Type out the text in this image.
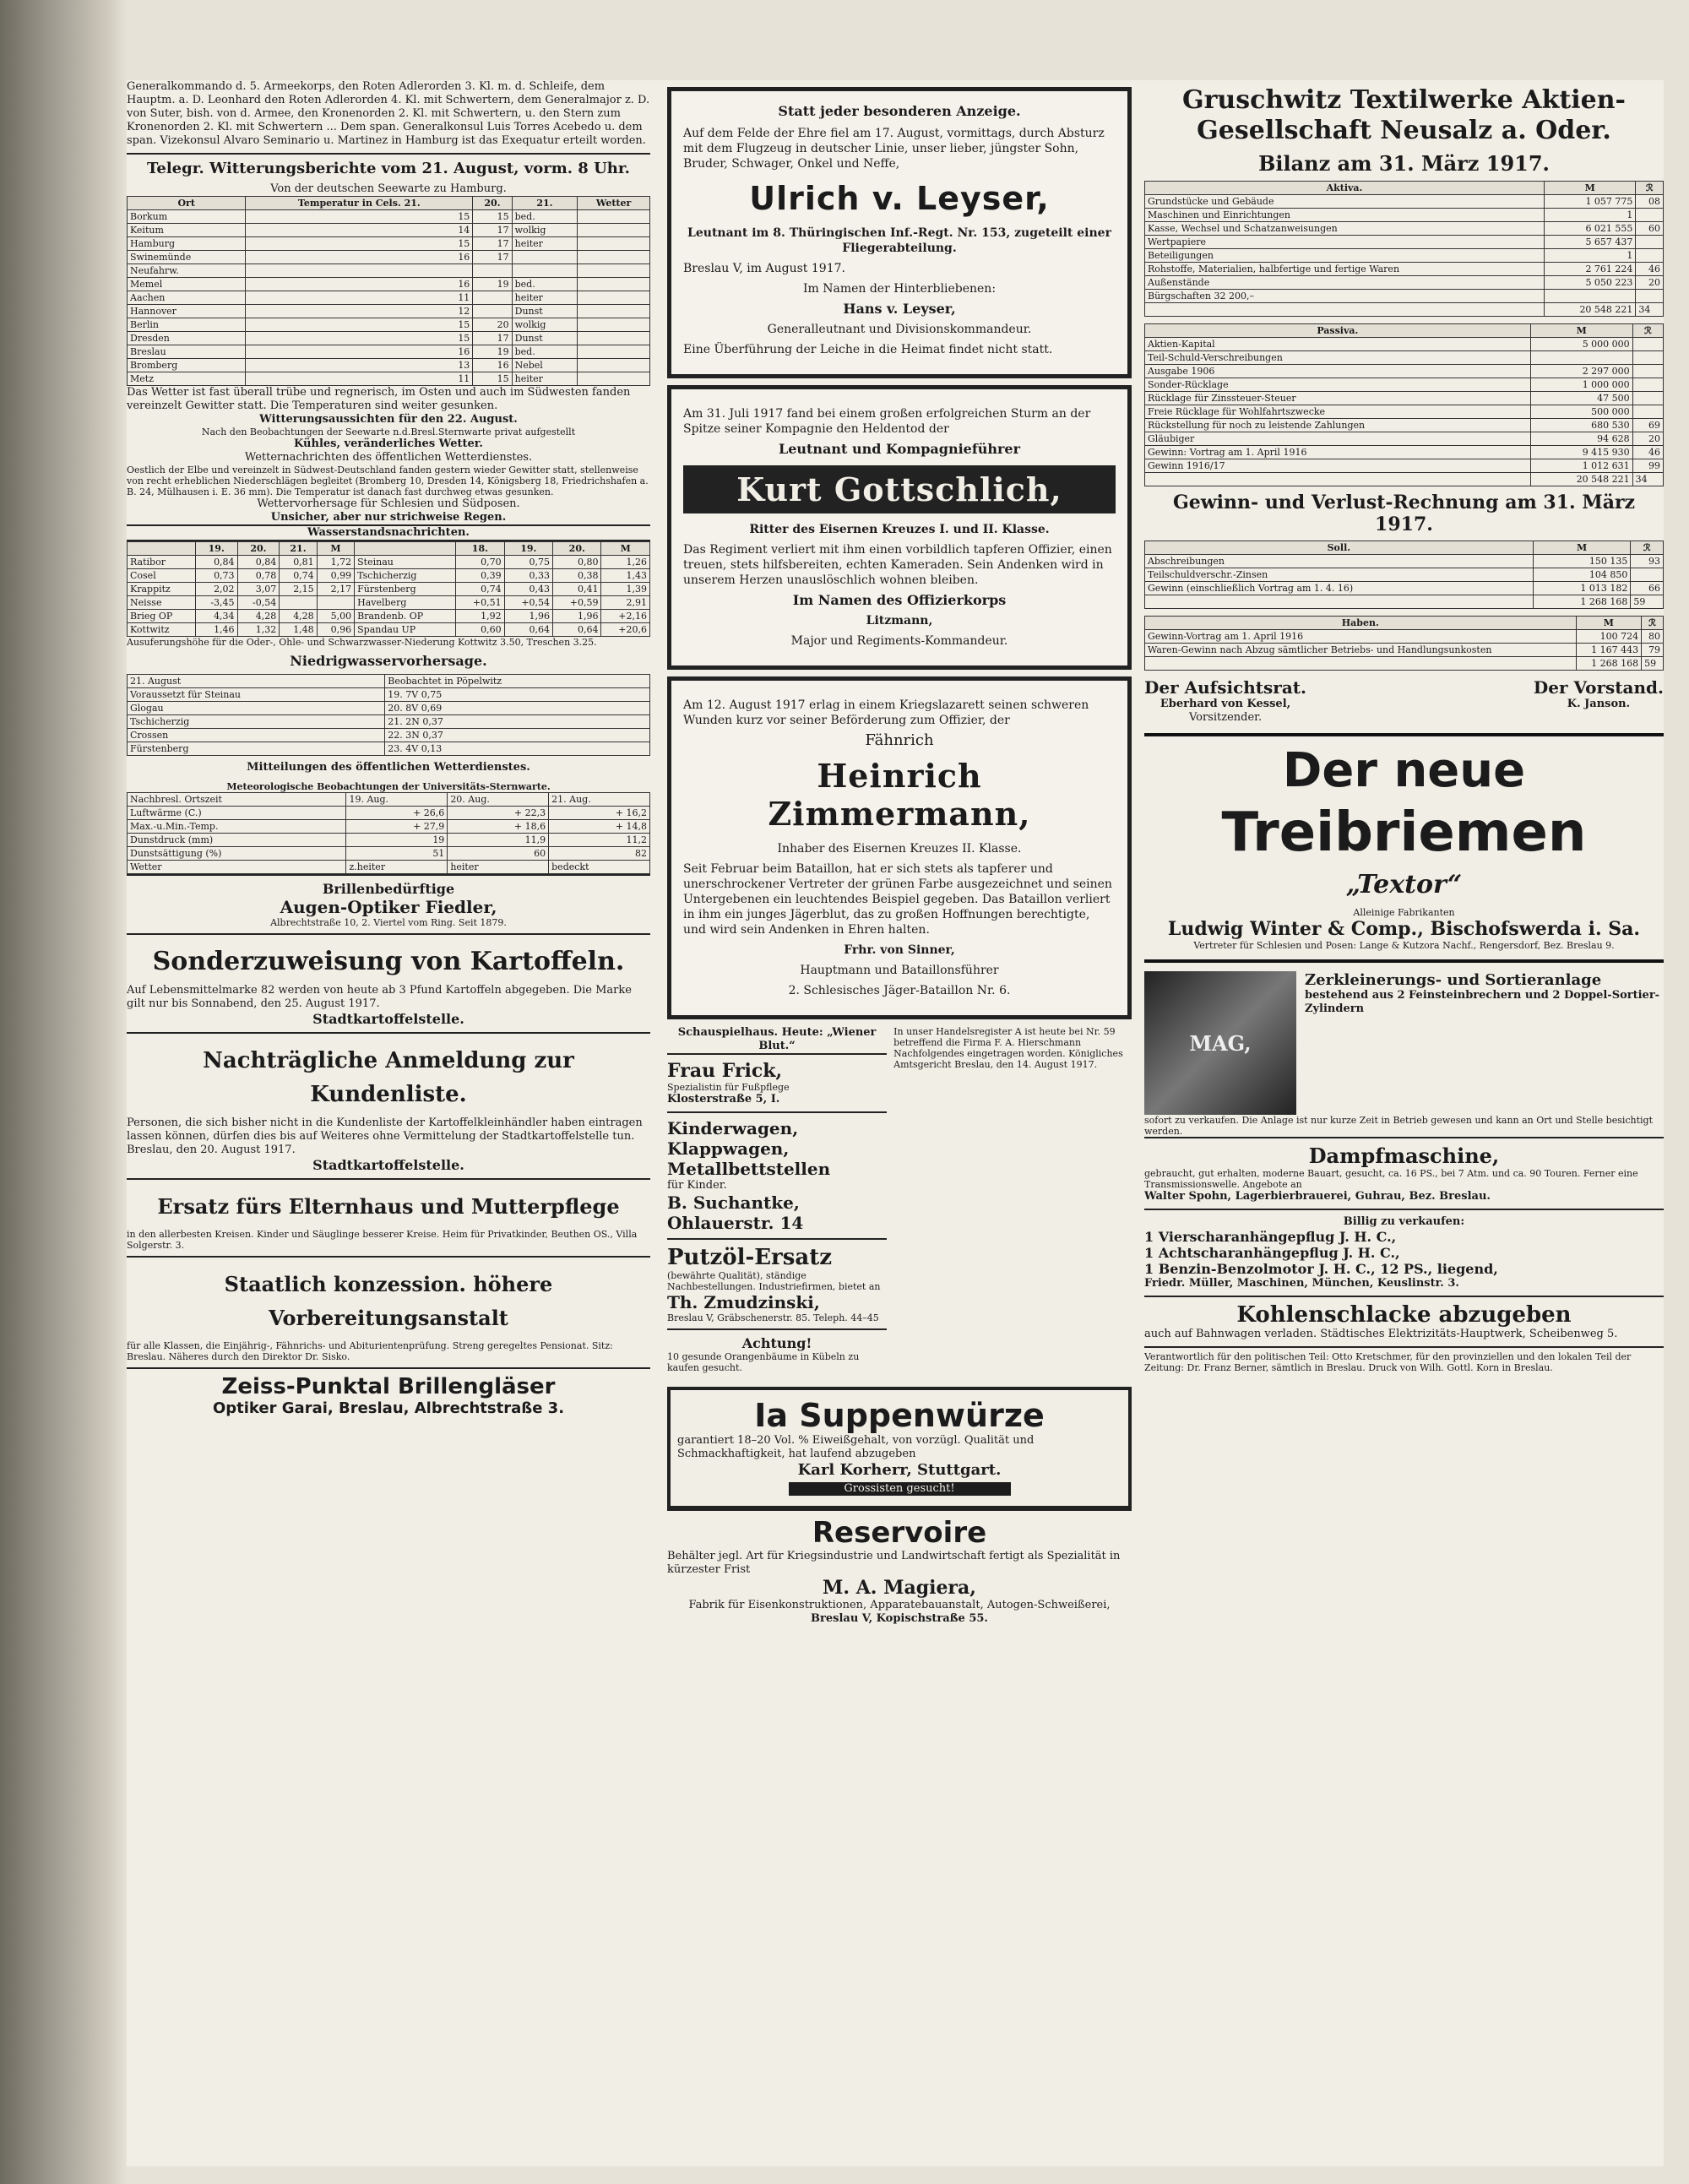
Generalkommando d. 5. Armeekorps, den Roten Adlerorden 3. Kl. m. d. Schleife, dem Hauptm. a. D. Leonhard den Roten Adlerorden 4. Kl. mit Schwertern, dem Generalmajor z. D. von Suter, bish. von d. Armee, den Kronenorden 2. Kl. mit Schwertern, u. den Stern zum Kronenorden 2. Kl. mit Schwertern ... Dem span. Generalkonsul Luis Torres Acebedo u. dem span. Vizekonsul Alvaro Seminario u. Martinez in Hamburg ist das Exequatur erteilt worden.
Telegr. Witterungsberichte vom 21. August, vorm. 8 Uhr.
Von der deutschen Seewarte zu Hamburg.
Ort	Temperatur in Cels. 21.	20.	21.	Wetter
Borkum	15	15	bed.	
Keitum	14	17	wolkig	
Hamburg	15	17	heiter	
Swinemünde	16	17		
Neufahrw.				
Memel	16	19	bed.	
Aachen	11		heiter	
Hannover	12		Dunst	
Berlin	15	20	wolkig	
Dresden	15	17	Dunst	
Breslau	16	19	bed.	
Bromberg	13	16	Nebel	
Metz	11	15	heiter	
Das Wetter ist fast überall trübe und regnerisch, im Osten und auch im Südwesten fanden vereinzelt Gewitter statt. Die Temperaturen sind weiter gesunken.
Witterungsaussichten für den 22. August.
Nach den Beobachtungen der Seewarte n.d.Bresl.Sternwarte privat aufgestellt
Kühles, veränderliches Wetter.
Wetternachrichten des öffentlichen Wetterdienstes.
Oestlich der Elbe und vereinzelt in Südwest-Deutschland fanden gestern wieder Gewitter statt, stellenweise von recht erheblichen Niederschlägen begleitet (Bromberg 10, Dresden 14, Königsberg 18, Friedrichshafen a. B. 24, Mülhausen i. E. 36 mm). Die Temperatur ist danach fast durchweg etwas gesunken.
Wettervorhersage für Schlesien und Südposen.
Unsicher, aber nur strichweise Regen.
Wasserstandsnachrichten.
	19.	20.	21.	M		18.	19.	20.	M
Ratibor	0,84	0,84	0,81	1,72	Steinau	0,70	0,75	0,80	1,26
Cosel	0,73	0,78	0,74	0,99	Tschicherzig	0,39	0,33	0,38	1,43
Krappitz	2,02	3,07	2,15	2,17	Fürstenberg	0,74	0,43	0,41	1,39
Neisse	-3,45	-0,54			Havelberg	+0,51	+0,54	+0,59	2,91
Brieg OP	4,34	4,28	4,28	5,00	Brandenb. OP	1,92	1,96	1,96	+2,16
Kottwitz	1,46	1,32	1,48	0,96	Spandau UP	0,60	0,64	0,64	+20,6
Ausuferungshöhe für die Oder-, Ohle- und Schwarzwasser-Niederung Kottwitz 3.50, Treschen 3.25.
Niedrigwasservorhersage.
21. August	Beobachtet in Pöpelwitz
Voraussetzt für Steinau	19. 7V 0,75
Glogau	20. 8V 0,69
Tschicherzig	21. 2N 0,37
Crossen	22. 3N 0,37
Fürstenberg	23. 4V 0,13
Mitteilungen des öffentlichen Wetterdienstes.
Meteorologische Beobachtungen der Universitäts-Sternwarte.
Nachbresl. Ortszeit	19. Aug.	20. Aug.	21. Aug.
Luftwärme (C.)	+ 26,6	+ 22,3	+ 16,2
Max.-u.Min.-Temp.	+ 27,9	+ 18,6	+ 14,8
Dunstdruck (mm)	19	11,9	11,2
Dunstsättigung (%)	51	60	82
Wetter	z.heiter	heiter	bedeckt
Brillenbedürftige
Augen-Optiker Fiedler,
Albrechtstraße 10, 2. Viertel vom Ring. Seit 1879.
Sonderzuweisung von Kartoffeln.
Auf Lebensmittelmarke 82 werden von heute ab 3 Pfund Kartoffeln abgegeben. Die Marke gilt nur bis Sonnabend, den 25. August 1917.
Stadtkartoffelstelle.
Nachträgliche Anmeldung zur Kundenliste.
Personen, die sich bisher nicht in die Kundenliste der Kartoffelkleinhändler haben eintragen lassen können, dürfen dies bis auf Weiteres ohne Vermittelung der Stadtkartoffelstelle tun.
Breslau, den 20. August 1917.
Stadtkartoffelstelle.
Ersatz fürs Elternhaus und Mutterpflege
in den allerbesten Kreisen. Kinder und Säuglinge besserer Kreise. Heim für Privatkinder, Beuthen OS., Villa Solgerstr. 3.
Staatlich konzession. höhere Vorbereitungsanstalt
für alle Klassen, die Einjährig-, Fähnrichs- und Abiturientenprüfung. Streng geregeltes Pensionat. Sitz: Breslau. Näheres durch den Direktor Dr. Sisko.
Zeiss-Punktal Brillengläser
Optiker Garai, Breslau, Albrechtstraße 3.
Statt jeder besonderen Anzeige.
Auf dem Felde der Ehre fiel am 17. August, vormittags, durch Absturz mit dem Flugzeug in deutscher Linie, unser lieber, jüngster Sohn, Bruder, Schwager, Onkel und Neffe,
Ulrich v. Leyser,
Leutnant im 8. Thüringischen Inf.-Regt. Nr. 153, zugeteilt einer Fliegerabteilung.
Breslau V, im August 1917.
Im Namen der Hinterbliebenen:
Hans v. Leyser,
Generalleutnant und Divisionskommandeur.
Eine Überführung der Leiche in die Heimat findet nicht statt.
Am 31. Juli 1917 fand bei einem großen erfolgreichen Sturm an der Spitze seiner Kompagnie den Heldentod der
Leutnant und Kompagnieführer
Kurt Gottschlich,
Ritter des Eisernen Kreuzes I. und II. Klasse.
Das Regiment verliert mit ihm einen vorbildlich tapferen Offizier, einen treuen, stets hilfsbereiten, echten Kameraden. Sein Andenken wird in unserem Herzen unauslöschlich wohnen bleiben.
Im Namen des Offizierkorps
Litzmann,
Major und Regiments-Kommandeur.
Am 12. August 1917 erlag in einem Kriegslazarett seinen schweren Wunden kurz vor seiner Beförderung zum Offizier, der
Fähnrich
Heinrich Zimmermann,
Inhaber des Eisernen Kreuzes II. Klasse.
Seit Februar beim Bataillon, hat er sich stets als tapferer und unerschrockener Vertreter der grünen Farbe ausgezeichnet und seinen Untergebenen ein leuchtendes Beispiel gegeben. Das Bataillon verliert in ihm ein junges Jägerblut, das zu großen Hoffnungen berechtigte, und wird sein Andenken in Ehren halten.
Frhr. von Sinner,
Hauptmann und Bataillonsführer
2. Schlesisches Jäger-Bataillon Nr. 6.
Schauspielhaus. Heute: „Wiener Blut.“
Frau Frick,
Spezialistin für Fußpflege
Klosterstraße 5, I.
Kinderwagen, Klappwagen, Metallbettstellen
für Kinder.
B. Suchantke, Ohlauerstr. 14
Putzöl-Ersatz
(bewährte Qualität), ständige Nachbestellungen. Industriefirmen, bietet an
Th. Zmudzinski,
Breslau V, Gräbschenerstr. 85. Teleph. 44–45
Achtung!
10 gesunde Orangenbäume in Kübeln zu kaufen gesucht.
In unser Handelsregister A ist heute bei Nr. 59 betreffend die Firma F. A. Hierschmann Nachfolgendes eingetragen worden. Königliches Amtsgericht Breslau, den 14. August 1917.
Ia Suppenwürze
garantiert 18–20 Vol. % Eiweißgehalt, von vorzügl. Qualität und Schmackhaftigkeit, hat laufend abzugeben
Karl Korherr, Stuttgart.
Grossisten gesucht!
Reservoire
Behälter jegl. Art für Kriegsindustrie und Landwirtschaft fertigt als Spezialität in kürzester Frist
M. A. Magiera,
Fabrik für Eisenkonstruktionen, Apparatebauanstalt, Autogen-Schweißerei,
Breslau V, Kopischstraße 55.
Gruschwitz Textilwerke Aktien-Gesellschaft Neusalz a. Oder.
Bilanz am 31. März 1917.
Aktiva.	M	ℛ
Grundstücke und Gebäude	1 057 775	08
Maschinen und Einrichtungen	1	
Kasse, Wechsel und Schatzanweisungen	6 021 555	60
Wertpapiere	5 657 437	
Beteiligungen	1	
Rohstoffe, Materialien, halbfertige und fertige Waren	2 761 224	46
Außenstände	5 050 223	20
Bürgschaften 32 200,–		
	20 548 221	34
Passiva.	M	ℛ
Aktien-Kapital	5 000 000	
Teil-Schuld-Verschreibungen		
Ausgabe 1906	2 297 000	
Sonder-Rücklage	1 000 000	
Rücklage für Zinssteuer-Steuer	47 500	
Freie Rücklage für Wohlfahrtszwecke	500 000	
Rückstellung für noch zu leistende Zahlungen	680 530	69
Gläubiger	94 628	20
Gewinn: Vortrag am 1. April 1916	9 415 930	46
Gewinn 1916/17	1 012 631	99
	20 548 221	34
Gewinn- und Verlust-Rechnung am 31. März 1917.
Soll.	M	ℛ
Abschreibungen	150 135	93
Teilschuldverschr.-Zinsen	104 850	
Gewinn (einschließlich Vortrag am 1. 4. 16)	1 013 182	66
	1 268 168	59
Haben.	M	ℛ
Gewinn-Vortrag am 1. April 1916	100 724	80
Waren-Gewinn nach Abzug sämtlicher Betriebs- und Handlungsunkosten	1 167 443	79
	1 268 168	59
Der Aufsichtsrat.
Eberhard von Kessel,
Vorsitzender.
Der Vorstand.
K. Janson.
Der neue
Treibriemen
„Textor“
Alleinige Fabrikanten
Ludwig Winter & Comp., Bischofswerda i. Sa.
Vertreter für Schlesien und Posen: Lange & Kutzora Nachf., Rengersdorf, Bez. Breslau 9.
MAG,
Zerkleinerungs- und Sortieranlage
bestehend aus 2 Feinsteinbrechern und 2 Doppel-Sortier-Zylindern
sofort zu verkaufen. Die Anlage ist nur kurze Zeit in Betrieb gewesen und kann an Ort und Stelle besichtigt werden.
Dampfmaschine,
gebraucht, gut erhalten, moderne Bauart, gesucht, ca. 16 PS., bei 7 Atm. und ca. 90 Touren. Ferner eine Transmissionswelle. Angebote an
Walter Spohn, Lagerbierbrauerei, Guhrau, Bez. Breslau.
Billig zu verkaufen:
1 Vierscharanhängepflug J. H. C.,
1 Achtscharanhängepflug J. H. C.,
1 Benzin-Benzolmotor J. H. C., 12 PS., liegend,
Friedr. Müller, Maschinen, München, Keuslinstr. 3.
Kohlenschlacke abzugeben
auch auf Bahnwagen verladen. Städtisches Elektrizitäts-Hauptwerk, Scheibenweg 5.
Verantwortlich für den politischen Teil: Otto Kretschmer, für den provinziellen und den lokalen Teil der Zeitung: Dr. Franz Berner, sämtlich in Breslau. Druck von Wilh. Gottl. Korn in Breslau.
